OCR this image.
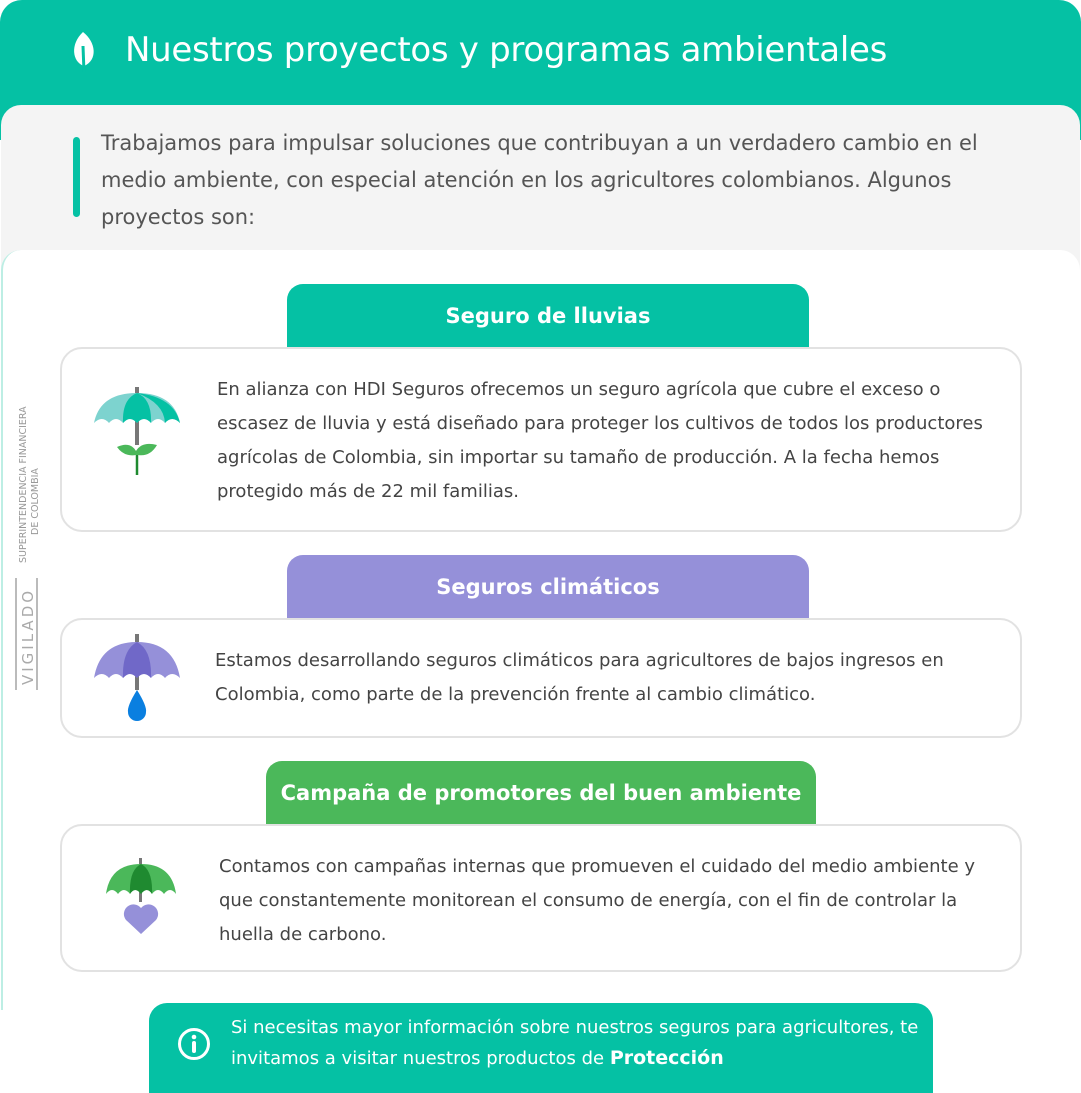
Nuestros proyectos y programas ambientales

Trabajamos para impulsar soluciones que contribuyan a un verdadero cambio en el medio ambiente, con especial atención en los agricultores colombianos. Algunos proyectos son:

SUPERINTENDENCIA FINANCIERA DE COLOMBIA
VIGILADO
Seguro de lluvias

En alianza con HDI Seguros ofrecemos un seguro agrícola que cubre el exceso o escasez de lluvia y está diseñado para proteger los cultivos de todos los productores agrícolas de Colombia, sin importar su tamaño de producción. A la fecha hemos protegido más de 22 mil familias.

Seguros climáticos

Estamos desarrollando seguros climáticos para agricultores de bajos ingresos en Colombia, como parte de la prevención frente al cambio climático.

Campaña de promotores del buen ambiente

Contamos con campañas internas que promueven el cuidado del medio ambiente y que constantemente monitorean el consumo de energía, con el fin de controlar la huella de carbono.

Si necesitas mayor información sobre nuestros seguros para agricultores, te invitamos a visitar nuestros productos de Protección
